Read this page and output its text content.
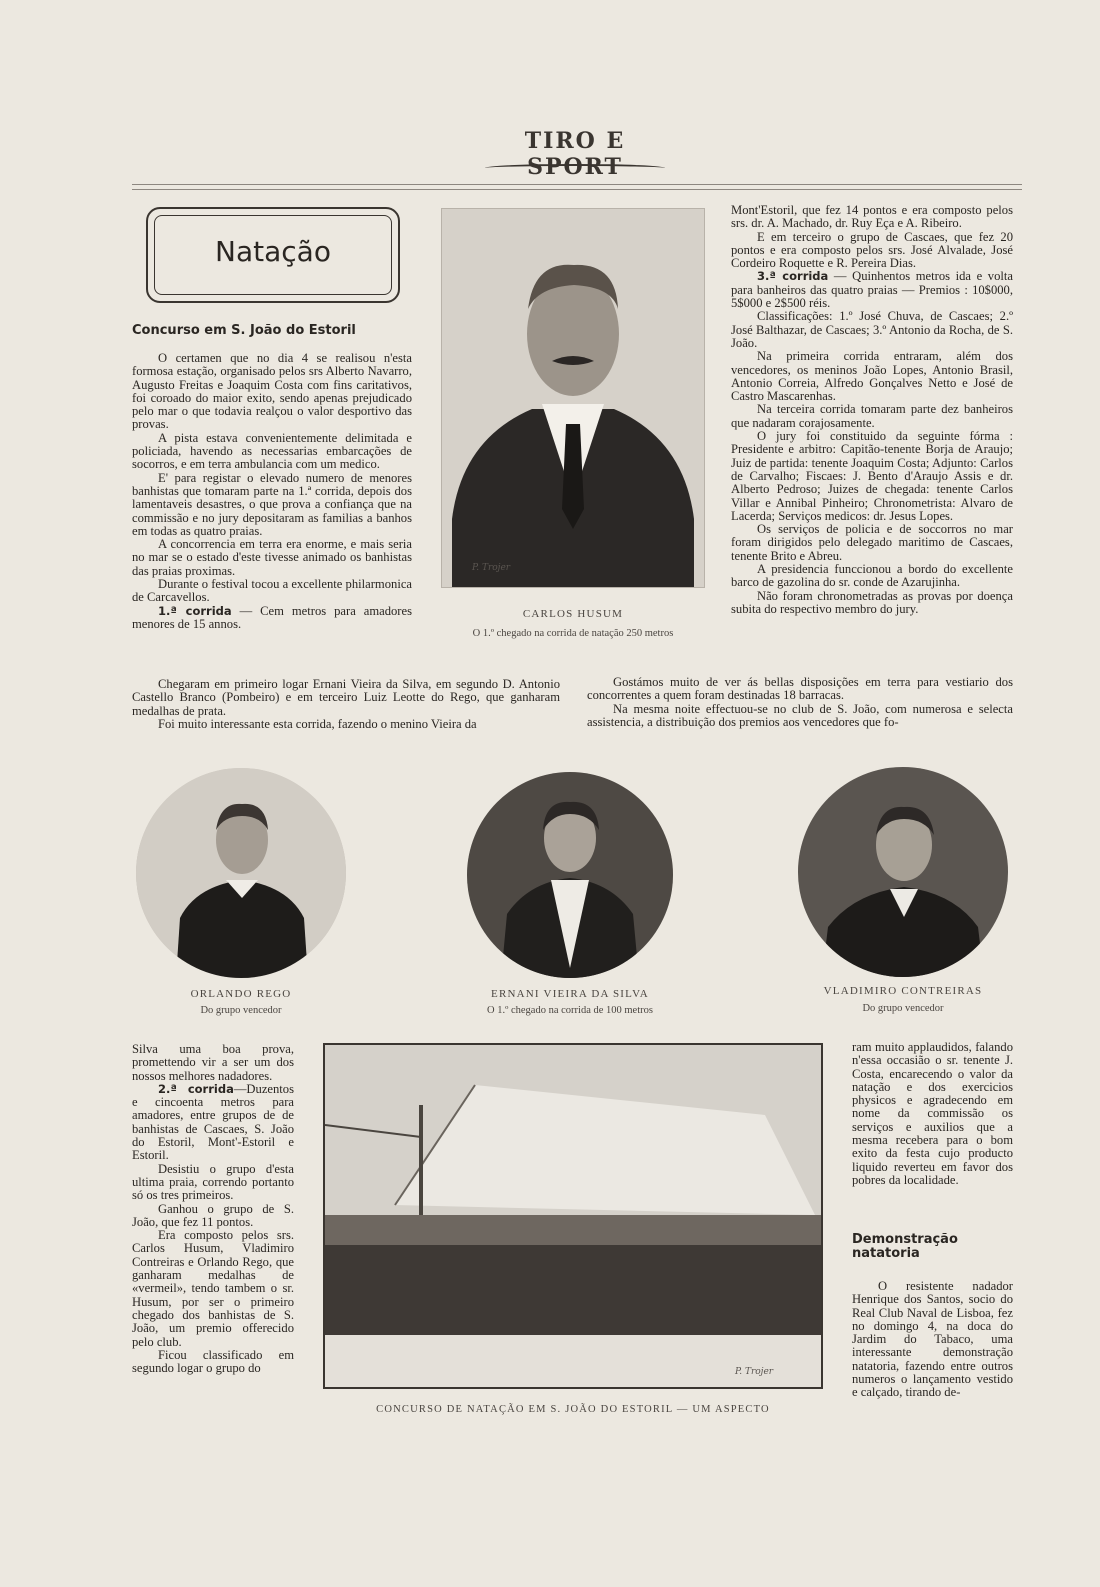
TIRO E SPORT
Natação
Concurso em S. João do Estoril

O certamen que no dia 4 se realisou n'esta formosa estação, organisado pelos srs Alberto Navarro, Augusto Freitas e Joaquim Costa com fins caritativos, foi coroado do maior exito, sendo apenas prejudicado pelo mar o que todavia realçou o valor desportivo das provas.

A pista estava convenientemente delimitada e policiada, havendo as necessarias embarcações de socorros, e em terra ambulancia com um medico.

E' para registar o elevado numero de menores banhistas que tomaram parte na 1.ª corrida, depois dos lamentaveis desastres, o que prova a confiança que na commissão e no jury depositaram as familias a banhos em todas as quatro praias.

A concorrencia em terra era enorme, e mais seria no mar se o estado d'este tivesse animado os banhistas das praias proximas.

Durante o festival tocou a excellente philarmonica de Carcavellos.

1.ª corrida — Cem metros para amadores menores de 15 annos.

Chegaram em primeiro logar Ernani Vieira da Silva, em segundo D. Antonio Castello Branco (Pombeiro) e em terceiro Luiz Leotte do Rego, que ganharam medalhas de prata.

Foi muito interessante esta corrida, fazendo o menino Vieira da

P. Trojer
CARLOS HUSUM
O 1.º chegado na corrida de natação 250 metros

Mont'Estoril, que fez 14 pontos e era composto pelos srs. dr. A. Machado, dr. Ruy Eça e A. Ribeiro.

E em terceiro o grupo de Cascaes, que fez 20 pontos e era composto pelos srs. José Alvalade, José Cordeiro Roquette e R. Pereira Dias.

3.ª corrida — Quinhentos metros ida e volta para banheiros das quatro praias — Premios : 10$000, 5$000 e 2$500 réis.

Classificações: 1.º José Chuva, de Cascaes; 2.º José Balthazar, de Cascaes; 3.º Antonio da Rocha, de S. João.

Na primeira corrida entraram, além dos vencedores, os meninos João Lopes, Antonio Brasil, Antonio Correia, Alfredo Gonçalves Netto e José de Castro Mascarenhas.

Na terceira corrida tomaram parte dez banheiros que nadaram corajosamente.

O jury foi constituido da seguinte fórma : Presidente e arbitro: Capitão-tenente Borja de Araujo; Juiz de partida: tenente Joaquim Costa; Adjunto: Carlos de Carvalho; Fiscaes: J. Bento d'Araujo Assis e dr. Alberto Pedroso; Juizes de chegada: tenente Carlos Villar e Annibal Pinheiro; Chronometrista: Alvaro de Lacerda; Serviços medicos: dr. Jesus Lopes.

Os serviços de policia e de soccorros no mar foram dirigidos pelo delegado maritimo de Cascaes, tenente Brito e Abreu.

A presidencia funccionou a bordo do excellente barco de gazolina do sr. conde de Azarujinha.

Não foram chronometradas as provas por doença subita do respectivo membro do jury.

Gostámos muito de ver ás bellas disposições em terra para vestiario dos concorrentes a quem foram destinadas 18 barracas.

Na mesma noite effectuou-se no club de S. João, com numerosa e selecta assistencia, a distribuição dos premios aos vencedores que fo-

ORLANDO REGO
Do grupo vencedor
ERNANI VIEIRA DA SILVA
O 1.º chegado na corrida de 100 metros
VLADIMIRO CONTREIRAS
Do grupo vencedor

Silva uma boa prova, promettendo vir a ser um dos nossos melhores nadadores.

2.ª corrida—Duzentos e cincoenta metros para amadores, entre grupos de de banhistas de Cascaes, S. João do Estoril, Mont'-Estoril e Estoril.

Desistiu o grupo d'esta ultima praia, correndo portanto só os tres primeiros.

Ganhou o grupo de S. João, que fez 11 pontos.

Era composto pelos srs. Carlos Husum, Vladimiro Contreiras e Orlando Rego, que ganharam medalhas de «vermeil», tendo tambem o sr. Husum, por ser o primeiro chegado dos banhistas de S. João, um premio offerecido pelo club.

Ficou classificado em segundo logar o grupo do	P. Trojer
CONCURSO DE NATAÇÃO EM S. JOÃO DO ESTORIL — UM ASPECTO

ram muito applaudidos, falando n'essa occasião o sr. tenente J. Costa, encarecendo o valor da natação e dos exercicios physicos e agradecendo em nome da commissão os serviços e auxilios que a mesma recebera para o bom exito da festa cujo producto liquido reverteu em favor dos pobres da localidade.

Demonstração natatoria

O resistente nadador Henrique dos Santos, socio do Real Club Naval de Lisboa, fez no domingo 4, na doca do Jardim do Tabaco, uma interessante demonstração natatoria, fazendo entre outros numeros o lançamento vestido e calçado, tirando de-
